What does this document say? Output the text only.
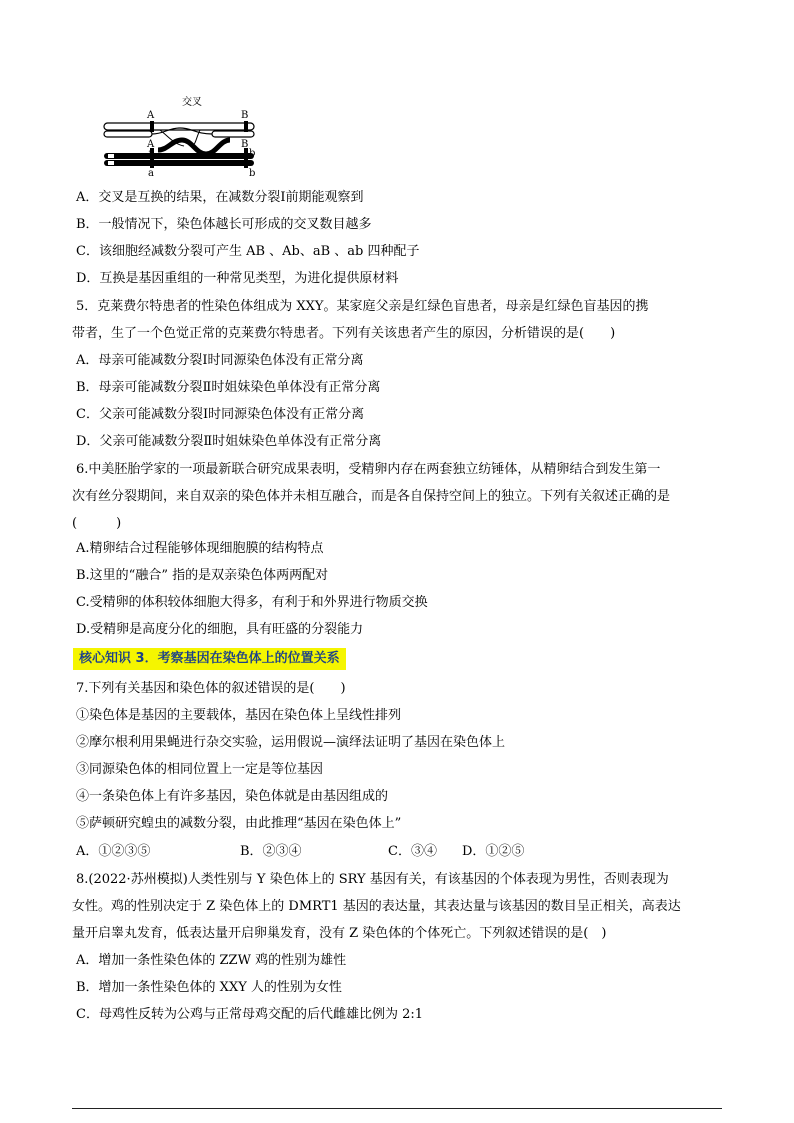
交叉
A
A
a
a
B
B
b
b
A．交叉是互换的结果，在减数分裂Ⅰ前期能观察到
B．一般情况下，染色体越长可形成的交叉数目越多
C．该细胞经减数分裂可产生 AB 、Ab、aB 、ab 四种配子
D．互换是基因重组的一种常见类型，为进化提供原材料
5．克莱费尔特患者的性染色体组成为 XXY。某家庭父亲是红绿色盲患者，母亲是红绿色盲基因的携
带者，生了一个色觉正常的克莱费尔特患者。下列有关该患者产生的原因，分析错误的是(　　)
A．母亲可能减数分裂Ⅰ时同源染色体没有正常分离
B．母亲可能减数分裂Ⅱ时姐妹染色单体没有正常分离
C．父亲可能减数分裂Ⅰ时同源染色体没有正常分离
D．父亲可能减数分裂Ⅱ时姐妹染色单体没有正常分离
6.中美胚胎学家的一项最新联合研究成果表明，受精卵内存在两套独立纺锤体，从精卵结合到发生第一
次有丝分裂期间，来自双亲的染色体并未相互融合，而是各自保持空间上的独立。下列有关叙述正确的是
(　　　)
A.精卵结合过程能够体现细胞膜的结构特点
B.这里的“融合” 指的是双亲染色体两两配对
C.受精卵的体积较体细胞大得多，有利于和外界进行物质交换
D.受精卵是高度分化的细胞，具有旺盛的分裂能力
核心知识 3．考察基因在染色体上的位置关系
7.下列有关基因和染色体的叙述错误的是(　　)
①染色体是基因的主要载体，基因在染色体上呈线性排列
②摩尔根利用果蝇进行杂交实验，运用假说—演绎法证明了基因在染色体上
③同源染色体的相同位置上一定是等位基因
④一条染色体上有许多基因，染色体就是由基因组成的
⑤萨顿研究蝗虫的减数分裂，由此推理“基因在染色体上”
A．①②③⑤	B．②③④	C．③④ D．①②⑤
8.(2022·苏州模拟)人类性别与 Y 染色体上的 SRY 基因有关，有该基因的个体表现为男性，否则表现为
女性。鸡的性别决定于 Z 染色体上的 DMRT1 基因的表达量，其表达量与该基因的数目呈正相关，高表达
量开启睾丸发育，低表达量开启卵巢发育，没有 Z 染色体的个体死亡。下列叙述错误的是(　)
A．增加一条性染色体的 ZZW 鸡的性别为雄性
B．增加一条性染色体的 XXY 人的性别为女性
C．母鸡性反转为公鸡与正常母鸡交配的后代雌雄比例为 2:1
